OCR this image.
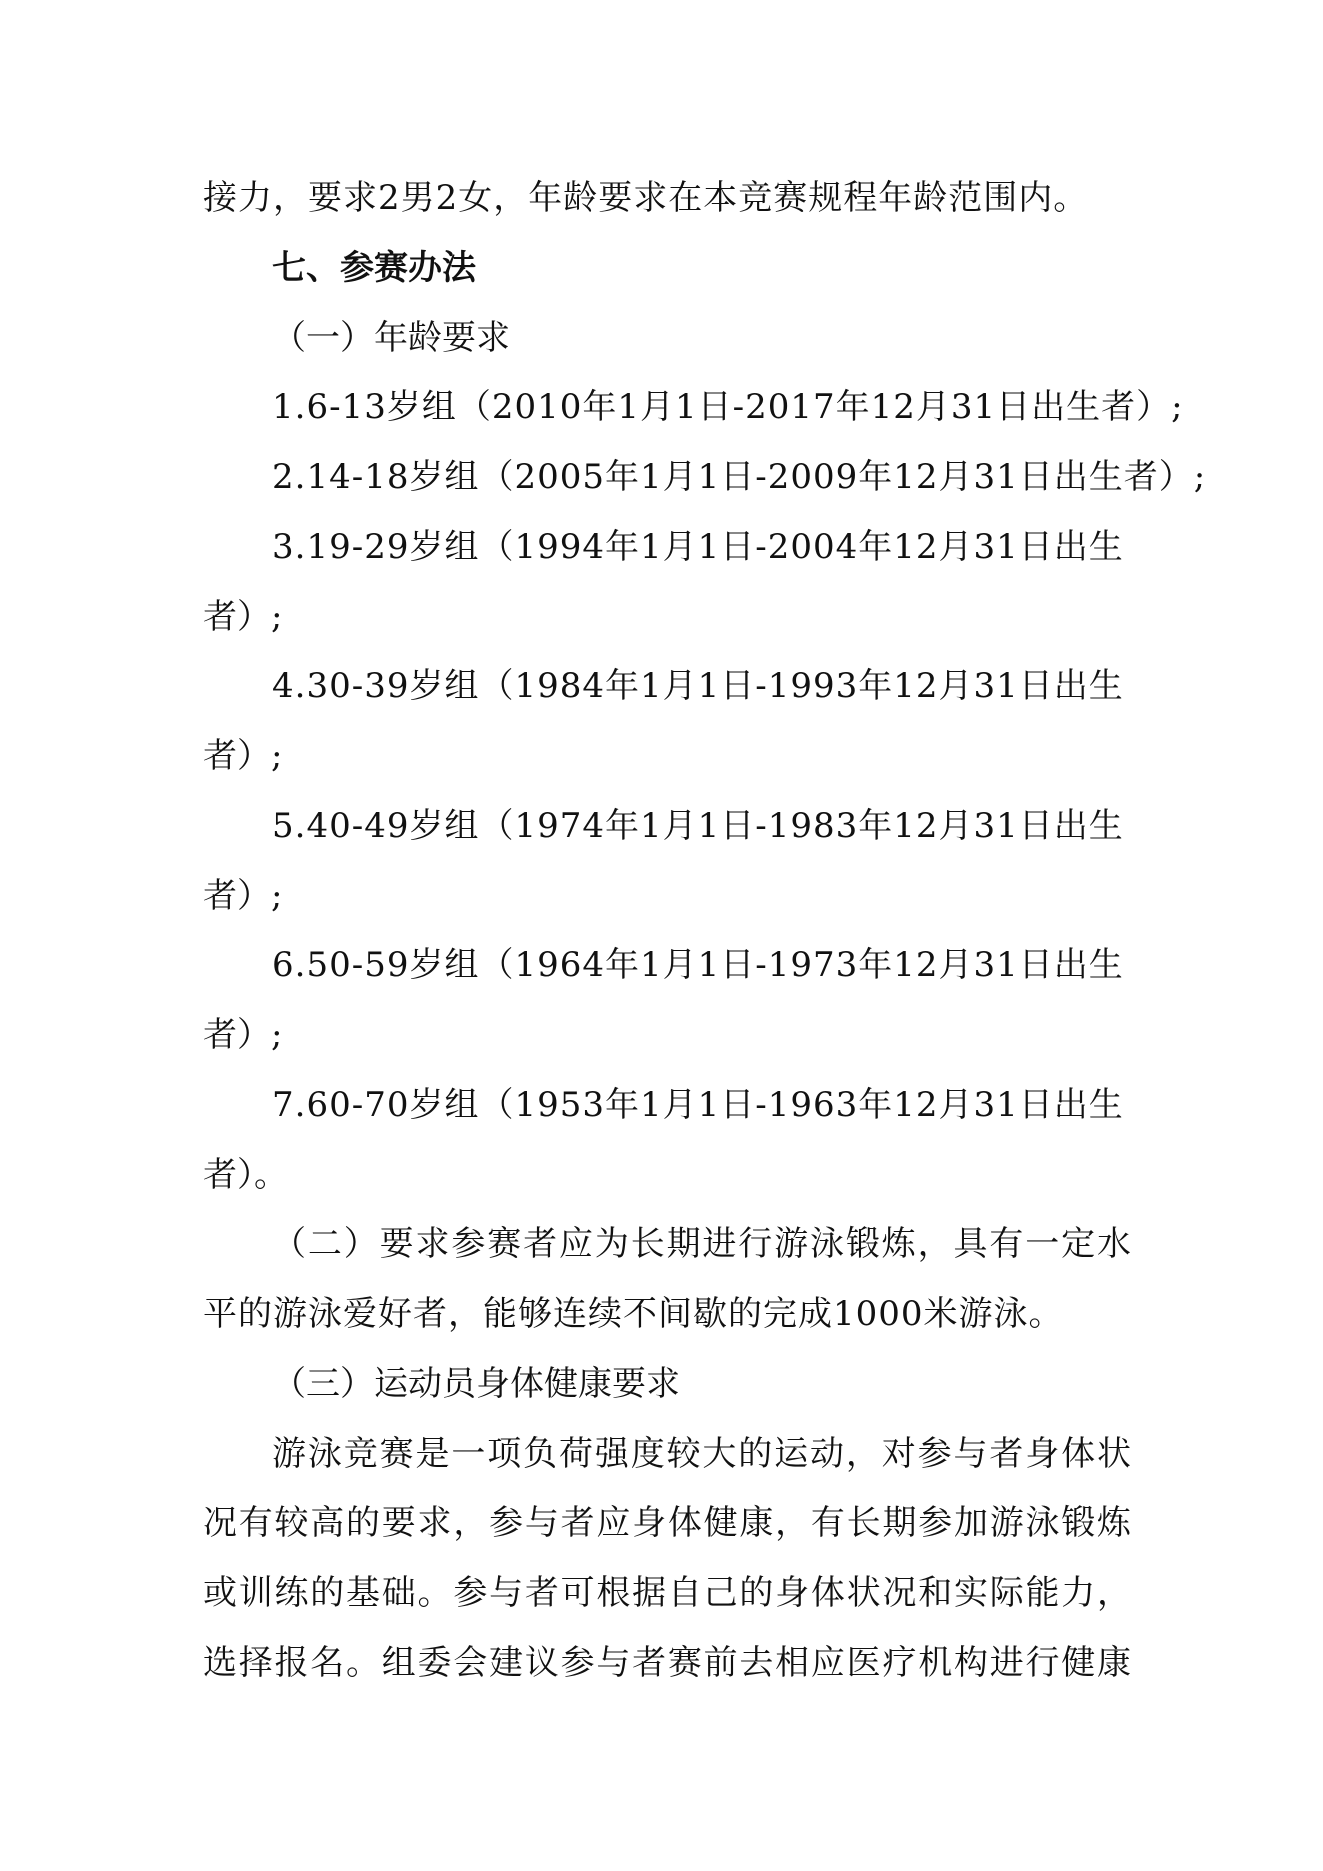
接力，要求2男2女，年龄要求在本竞赛规程年龄范围内。
七、参赛办法
（一）年龄要求
1.6-13岁组（2010年1月1日-2017年12月31日出生者）;
2.14-18岁组（2005年1月1日-2009年12月31日出生者）;
3.19-29岁组（1994年1月1日-2004年12月31日出生
者）;
4.30-39岁组（1984年1月1日-1993年12月31日出生
者）;
5.40-49岁组（1974年1月1日-1983年12月31日出生
者）;
6.50-59岁组（1964年1月1日-1973年12月31日出生
者）;
7.60-70岁组（1953年1月1日-1963年12月31日出生
者）。
（二）要求参赛者应为长期进行游泳锻炼，具有一定水
平的游泳爱好者，能够连续不间歇的完成1000米游泳。
（三）运动员身体健康要求
游泳竞赛是一项负荷强度较大的运动，对参与者身体状
况有较高的要求，参与者应身体健康，有长期参加游泳锻炼
或训练的基础。参与者可根据自己的身体状况和实际能力，
选择报名。组委会建议参与者赛前去相应医疗机构进行健康
